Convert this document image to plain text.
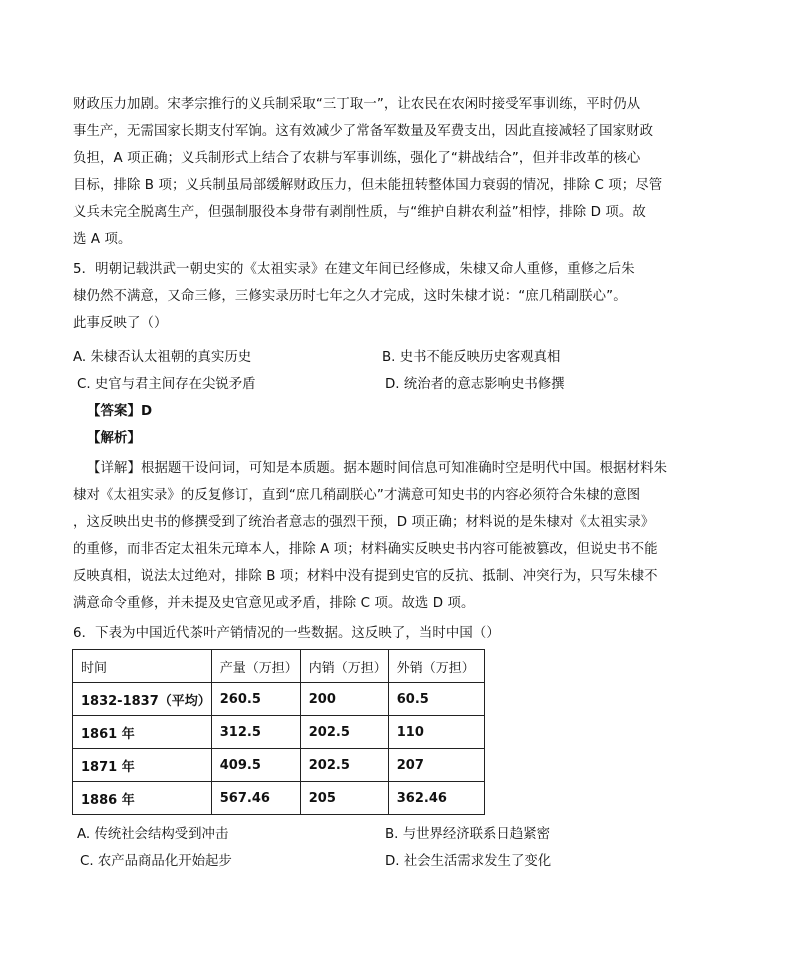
财政压力加剧。宋孝宗推行的义兵制采取“三丁取一”，让农民在农闲时接受军事训练，平时仍从
事生产，无需国家长期支付军饷。这有效减少了常备军数量及军费支出，因此直接减轻了国家财政
负担，A 项正确；义兵制形式上结合了农耕与军事训练，强化了“耕战结合”，但并非改革的核心
目标，排除 B 项；义兵制虽局部缓解财政压力，但未能扭转整体国力衰弱的情况，排除 C 项；尽管
义兵未完全脱离生产，但强制服役本身带有剥削性质，与“维护自耕农利益”相悖，排除 D 项。故
选 A 项。
5．明朝记载洪武一朝史实的《太祖实录》在建文年间已经修成，朱棣又命人重修，重修之后朱
棣仍然不满意，又命三修，三修实录历时七年之久才完成，这时朱棣才说：“庶几稍副朕心”。
此事反映了（）
A. 朱棣否认太祖朝的真实历史	B. 史书不能反映历史客观真相
C. 史官与君主间存在尖锐矛盾	D. 统治者的意志影响史书修撰
【答案】D
【解析】
【详解】根据题干设问词，可知是本质题。据本题时间信息可知准确时空是明代中国。根据材料朱
棣对《太祖实录》的反复修订，直到“庶几稍副朕心”才满意可知史书的内容必须符合朱棣的意图
，这反映出史书的修撰受到了统治者意志的强烈干预，D 项正确；材料说的是朱棣对《太祖实录》
的重修，而非否定太祖朱元璋本人，排除 A 项；材料确实反映史书内容可能被篡改，但说史书不能
反映真相，说法太过绝对，排除 B 项；材料中没有提到史官的反抗、抵制、冲突行为，只写朱棣不
满意命令重修，并未提及史官意见或矛盾，排除 C 项。故选 D 项。
6．下表为中国近代茶叶产销情况的一些数据。这反映了，当时中国（）
时间	产量（万担）	内销（万担）	外销（万担）
1832-1837（平均）	260.5	200	60.5
1861 年	312.5	202.5	110
1871 年	409.5	202.5	207
1886 年	567.46	205	362.46
A. 传统社会结构受到冲击	B. 与世界经济联系日趋紧密
C. 农产品商品化开始起步	D. 社会生活需求发生了变化
